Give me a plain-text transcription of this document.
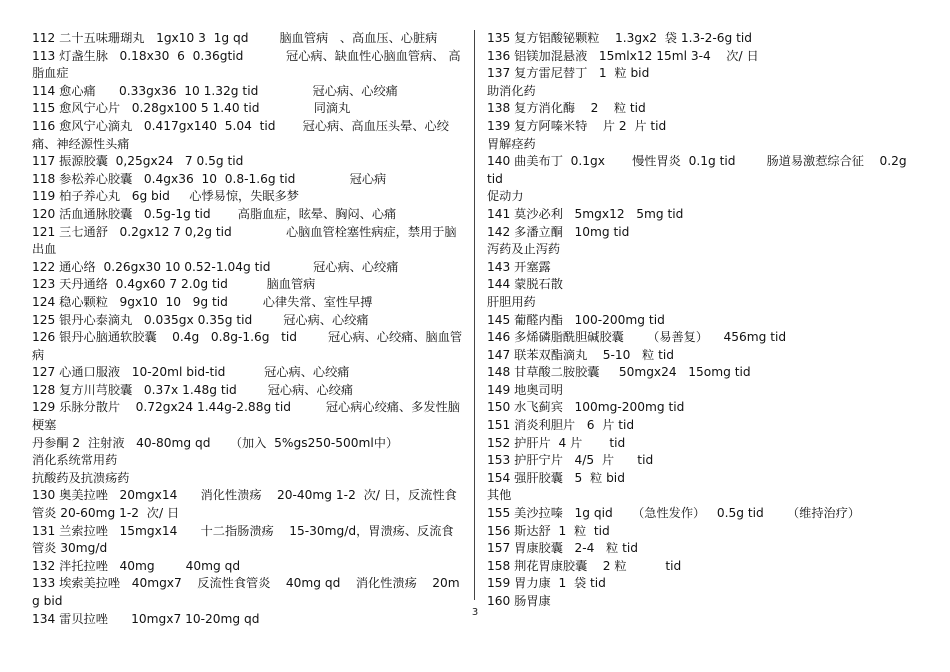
112 二十五味珊瑚丸   1gx10 3  1g qd        脑血管病   、高血压、心脏病
113 灯盏生脉   0.18x30  6  0.36gtid           冠心病、缺血性心脑血管病、 高脂血症
114 愈心痛      0.33gx36  10 1.32g tid              冠心病、心绞痛
115 愈风宁心片   0.28gx100 5 1.40 tid              同滴丸
116 愈风宁心滴丸   0.417gx140  5.04  tid       冠心病、高血压头晕、心绞痛、神经源性头痛
117 振源胶囊  0,25gx24   7 0.5g tid
118 参松养心胶囊   0.4gx36  10  0.8-1.6g tid              冠心病
119 柏子养心丸   6g bid     心悸易惊，失眠多梦
120 活血通脉胶囊   0.5g-1g tid       高脂血症，眩晕、胸闷、心痛
121 三七通舒   0.2gx12 7 0,2g tid              心脑血管栓塞性病症，禁用于脑出血
122 通心络  0.26gx30 10 0.52-1.04g tid           冠心病、心绞痛
123 天丹通络  0.4gx60 7 2.0g tid          脑血管病
124 稳心颗粒   9gx10  10   9g tid         心律失常、室性早搏
125 银丹心泰滴丸   0.035gx 0.35g tid        冠心病、心绞痛
126 银丹心脑通软胶囊    0.4g   0.8g-1.6g   tid        冠心病、心绞痛、脑血管病
127 心通口服液   10-20ml bid-tid          冠心病、心绞痛
128 复方川芎胶囊   0.37x 1.48g tid        冠心病、心绞痛
129 乐脉分散片    0.72gx24 1.44g-2.88g tid         冠心病心绞痛、多发性脑梗塞
丹参酮 2  注射液   40-80mg qd     （加入  5%gs250-500ml中）
消化系统常用药
抗酸药及抗溃疡药
130 奥美拉唑   20mgx14      消化性溃疡    20-40mg 1-2  次/ 日，反流性食管炎 20-60mg 1-2  次/ 日
131 兰索拉唑   15mgx14      十二指肠溃疡    15-30mg/d，胃溃疡、反流食管炎 30mg/d
132 泮托拉唑   40mg        40mg qd
133 埃索美拉唑   40mgx7    反流性食管炎    40mg qd    消化性溃疡    20mg bid
134 雷贝拉唑      10mgx7 10-20mg qd
135 复方铝酸铋颗粒    1.3gx2  袋 1.3-2-6g tid
136 铝镁加混悬液   15mlx12 15ml 3-4    次/ 日
137 复方雷尼替丁   1  粒 bid
助消化药
138 复方消化酶    2    粒 tid
139 复方阿嗪米特    片 2  片 tid
胃解痉药
140 曲美布丁  0.1gx       慢性胃炎  0.1g tid        肠道易激惹综合征    0.2g tid
促动力
141 莫沙必利   5mgx12   5mg tid
142 多潘立酮   10mg tid
泻药及止泻药
143 开塞露
144 蒙脱石散
肝胆用药
145 葡醛内酯   100-200mg tid
146 多烯磷脂酰胆碱胶囊      （易善复）    456mg tid
147 联苯双酯滴丸    5-10   粒 tid
148 甘草酸二胺胶囊     50mgx24   15omg tid
149 地奥司明
150 水飞蓟宾   100mg-200mg tid
151 消炎利胆片   6  片 tid
152 护肝片  4 片       tid
153 护肝宁片   4/5  片      tid
154 强肝胶囊   5  粒 bid
其他
155 美沙拉嗪   1g qid     （急性发作）   0.5g tid      （维持治疗）
156 斯达舒  1  粒  tid
157 胃康胶囊   2-4   粒 tid
158 荆花胃康胶囊    2 粒          tid
159 胃力康  1  袋 tid
160 肠胃康
3
